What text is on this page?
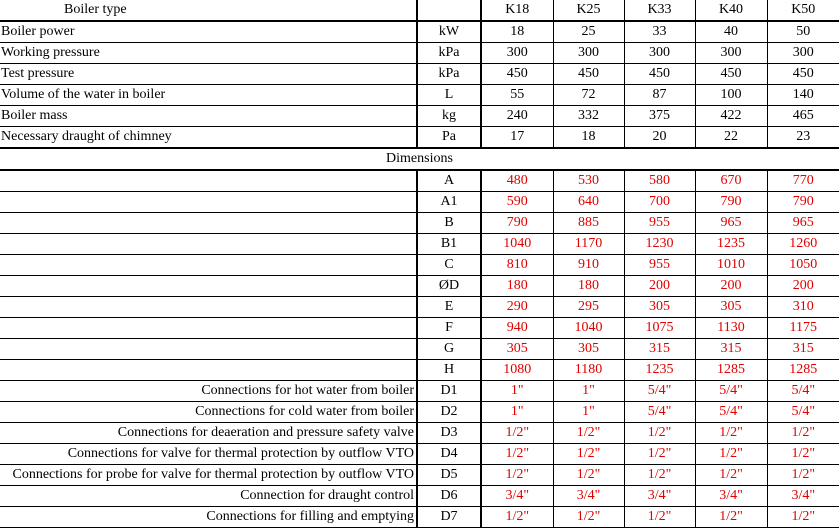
Boiler type		K18	K25	K33	K40	K50
Boiler power	kW	18	25	33	40	50
Working pressure	kPa	300	300	300	300	300
Test pressure	kPa	450	450	450	450	450
Volume of the water in boiler	L	55	72	87	100	140
Boiler mass	kg	240	332	375	422	465
Necessary draught of chimney	Pa	17	18	20	22	23
Dimensions						
	A	480	530	580	670	770
	A1	590	640	700	790	790
	B	790	885	955	965	965
	B1	1040	1170	1230	1235	1260
	C	810	910	955	1010	1050
	ØD	180	180	200	200	200
	E	290	295	305	305	310
	F	940	1040	1075	1130	1175
	G	305	305	315	315	315
	H	1080	1180	1235	1285	1285
Connections for hot water from boiler	D1	1"	1"	5/4"	5/4"	5/4"
Connections for cold water from boiler	D2	1"	1"	5/4"	5/4"	5/4"
Connections for deaeration and pressure safety valve	D3	1/2"	1/2"	1/2"	1/2"	1/2"
Connections for valve for thermal protection by outflow VTO	D4	1/2"	1/2"	1/2"	1/2"	1/2"
Connections for probe for valve for thermal protection by outflow VTO	D5	1/2"	1/2"	1/2"	1/2"	1/2"
Connection for draught control	D6	3/4"	3/4"	3/4"	3/4"	3/4"
Connections for filling and emptying	D7	1/2"	1/2"	1/2"	1/2"	1/2"
